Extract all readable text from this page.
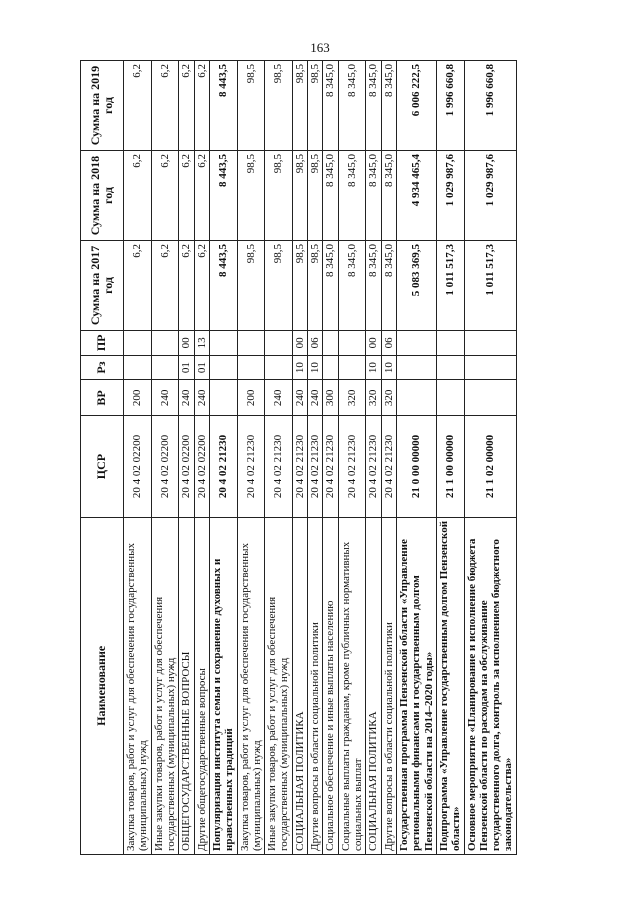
163
Наименование	ЦСР	ВР	Рз	ПР	Сумма на 2017 год	Сумма на 2018 год	Сумма на 2019 год
Закупка товаров, работ и услуг для обеспечения государственных (муниципальных) нужд	20 4 02 02200	200			6,2	6,2	6,2
Иные закупки товаров, работ и услуг для обеспечения государственных (муниципальных) нужд	20 4 02 02200	240			6,2	6,2	6,2
ОБЩЕГОСУДАРСТВЕННЫЕ ВОПРОСЫ	20 4 02 02200	240	01	00	6,2	6,2	6,2
Другие общегосударственные вопросы	20 4 02 02200	240	01	13	6,2	6,2	6,2
Популяризация института семьи и сохранение духовных и нравственных традиций	20 4 02 21230				8 443,5	8 443,5	8 443,5
Закупка товаров, работ и услуг для обеспечения государственных (муниципальных) нужд	20 4 02 21230	200			98,5	98,5	98,5
Иные закупки товаров, работ и услуг для обеспечения государственных (муниципальных) нужд	20 4 02 21230	240			98,5	98,5	98,5
СОЦИАЛЬНАЯ ПОЛИТИКА	20 4 02 21230	240	10	00	98,5	98,5	98,5
Другие вопросы в области социальной политики	20 4 02 21230	240	10	06	98,5	98,5	98,5
Социальное обеспечение и иные выплаты населению	20 4 02 21230	300			8 345,0	8 345,0	8 345,0
Социальные выплаты гражданам, кроме публичных нормативных социальных выплат	20 4 02 21230	320			8 345,0	8 345,0	8 345,0
СОЦИАЛЬНАЯ ПОЛИТИКА	20 4 02 21230	320	10	00	8 345,0	8 345,0	8 345,0
Другие вопросы в области социальной политики	20 4 02 21230	320	10	06	8 345,0	8 345,0	8 345,0
Государственная программа Пензенской области «Управление региональными финансами и государственным долгом Пензенской области на 2014–2020 годы»	21 0 00 00000				5 083 369,5	4 934 465,4	6 006 222,5
Подпрограмма «Управление государственным долгом Пензенской области»	21 1 00 00000				1 011 517,3	1 029 987,6	1 996 660,8
Основное мероприятие «Планирование и исполнение бюджета Пензенской области по расходам на обслуживание государственного долга, контроль за исполнением бюджетного законодательства»	21 1 02 00000				1 011 517,3	1 029 987,6	1 996 660,8
